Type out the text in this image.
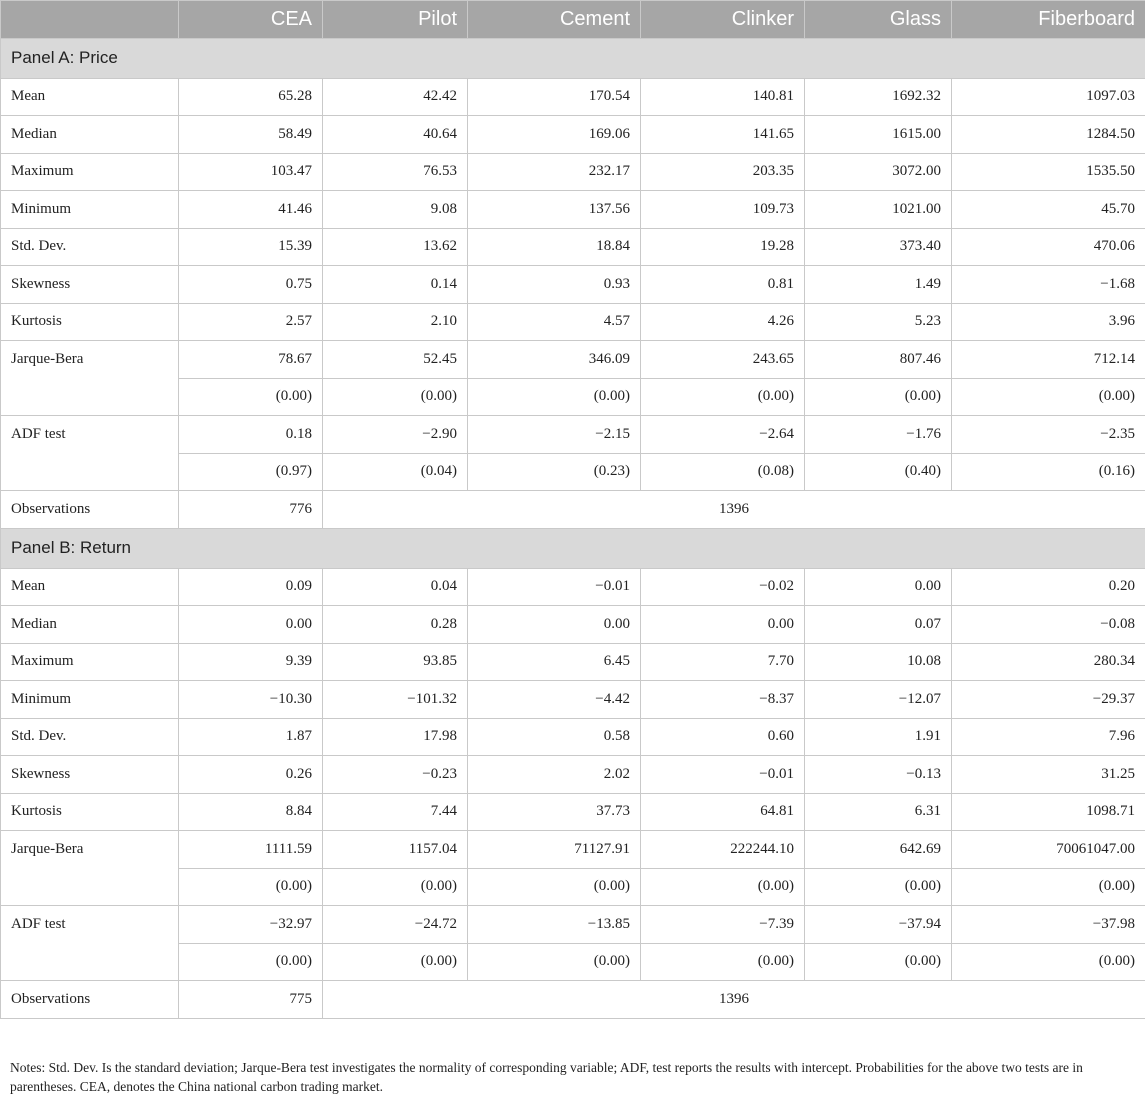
	CEA	Pilot	Cement	Clinker	Glass	Fiberboard
Panel A: Price						
Mean	65.28	42.42	170.54	140.81	1692.32	1097.03
Median	58.49	40.64	169.06	141.65	1615.00	1284.50
Maximum	103.47	76.53	232.17	203.35	3072.00	1535.50
Minimum	41.46	9.08	137.56	109.73	1021.00	45.70
Std. Dev.	15.39	13.62	18.84	19.28	373.40	470.06
Skewness	0.75	0.14	0.93	0.81	1.49	−1.68
Kurtosis	2.57	2.10	4.57	4.26	5.23	3.96
Jarque-Bera	78.67	52.45	346.09	243.65	807.46	712.14
	(0.00)	(0.00)	(0.00)	(0.00)	(0.00)	(0.00)
ADF test	0.18	−2.90	−2.15	−2.64	−1.76	−2.35
	(0.97)	(0.04)	(0.23)	(0.08)	(0.40)	(0.16)
Observations	776	1396				
Panel B: Return						
Mean	0.09	0.04	−0.01	−0.02	0.00	0.20
Median	0.00	0.28	0.00	0.00	0.07	−0.08
Maximum	9.39	93.85	6.45	7.70	10.08	280.34
Minimum	−10.30	−101.32	−4.42	−8.37	−12.07	−29.37
Std. Dev.	1.87	17.98	0.58	0.60	1.91	7.96
Skewness	0.26	−0.23	2.02	−0.01	−0.13	31.25
Kurtosis	8.84	7.44	37.73	64.81	6.31	1098.71
Jarque-Bera	1111.59	1157.04	71127.91	222244.10	642.69	70061047.00
	(0.00)	(0.00)	(0.00)	(0.00)	(0.00)	(0.00)
ADF test	−32.97	−24.72	−13.85	−7.39	−37.94	−37.98
	(0.00)	(0.00)	(0.00)	(0.00)	(0.00)	(0.00)
Observations	775	1396				
Notes: Std. Dev. Is the standard deviation; Jarque-Bera test investigates the normality of corresponding variable; ADF, test reports the results with intercept. Probabilities for the above two tests are in parentheses. CEA, denotes the China national carbon trading market.
